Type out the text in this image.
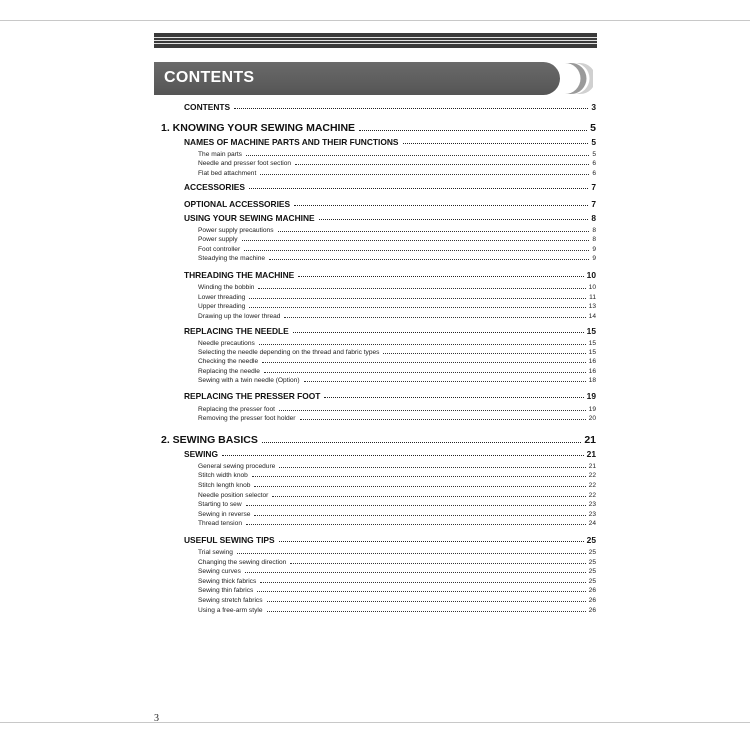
CONTENTS
CONTENTS	3
1. KNOWING YOUR SEWING MACHINE	5
NAMES OF MACHINE PARTS AND THEIR FUNCTIONS	5
The main parts	5
Needle and presser foot section	6
Flat bed attachment	6
ACCESSORIES	7
OPTIONAL ACCESSORIES	7
USING YOUR SEWING MACHINE	8
Power supply precautions	8
Power supply	8
Foot controller	9
Steadying the machine	9
THREADING THE MACHINE	10
Winding the bobbin	10
Lower threading	11
Upper threading	13
Drawing up the lower thread	14
REPLACING THE NEEDLE	15
Needle precautions	15
Selecting the needle depending on the thread and fabric types	15
Checking the needle	16
Replacing the needle	16
Sewing with a twin needle (Option)	18
REPLACING THE PRESSER FOOT	19
Replacing the presser foot	19
Removing the presser foot holder	20
2. SEWING BASICS	21
SEWING	21
General sewing procedure	21
Stitch width knob	22
Stitch length knob	22
Needle position selector	22
Starting to sew	23
Sewing in reverse	23
Thread tension	24
USEFUL SEWING TIPS	25
Trial sewing	25
Changing the sewing direction	25
Sewing curves	25
Sewing thick fabrics	25
Sewing thin fabrics	26
Sewing stretch fabrics	26
Using a free-arm style	26
3
